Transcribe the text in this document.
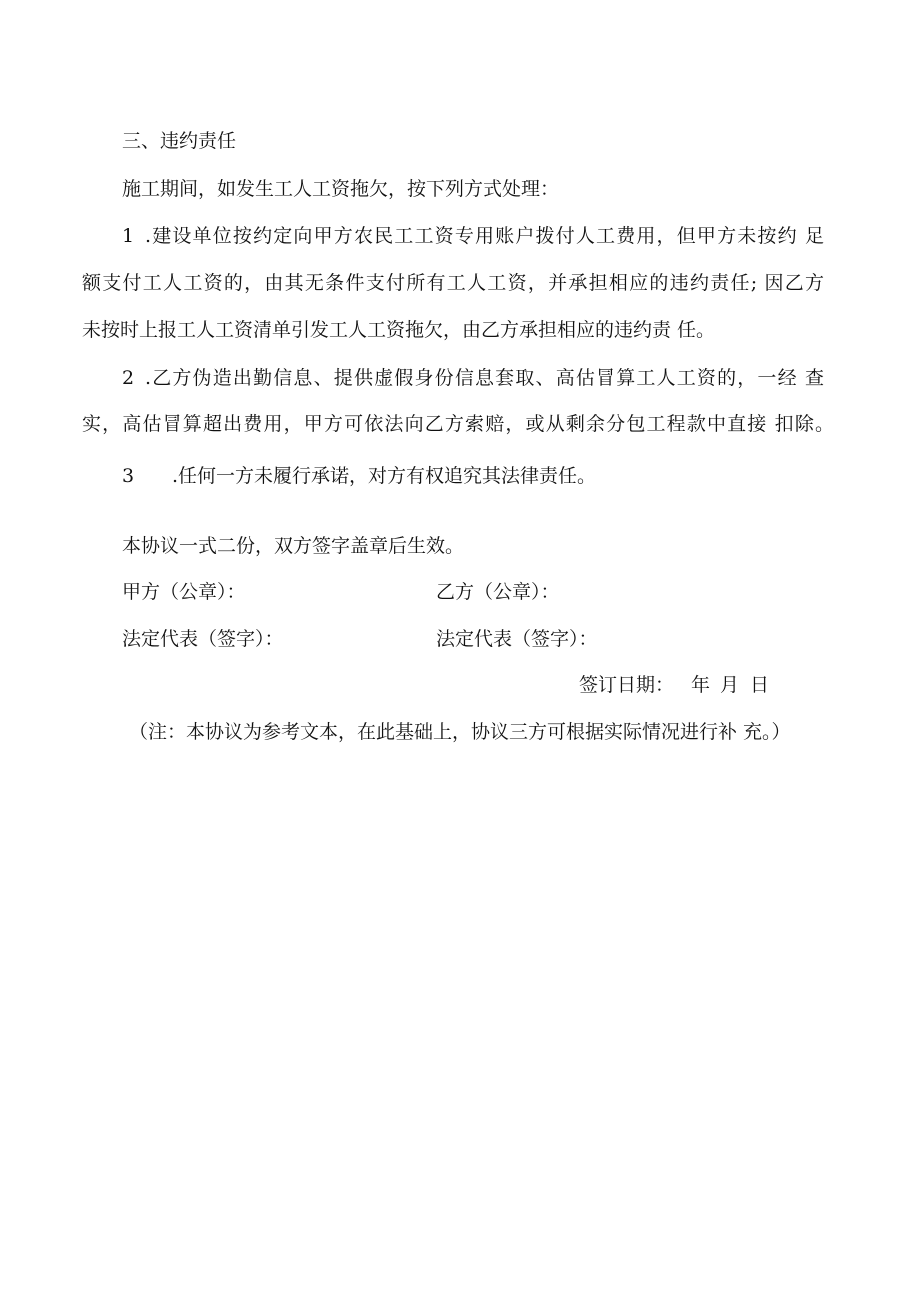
三、违约责任
施工期间，如发生工人工资拖欠，按下列方式处理：
1 .建设单位按约定向甲方农民工工资专用账户拨付人工费用，但甲方未按约 足
额支付工人工资的，由其无条件支付所有工人工资，并承担相应的违约责任; 因乙方
未按时上报工人工资清单引发工人工资拖欠，由乙方承担相应的违约责 任。
2 .乙方伪造出勤信息、提供虚假身份信息套取、高估冒算工人工资的，一经 查
实，高估冒算超出费用，甲方可依法向乙方索赔，或从剩余分包工程款中直接 扣除。
3 .任何一方未履行承诺，对方有权追究其法律责任。
本协议一式二份，双方签字盖章后生效。
甲方（公章）：	乙方（公章）：
法定代表（签字）：	法定代表（签字）：
签订日期： 年 月 日
（注：本协议为参考文本，在此基础上，协议三方可根据实际情况进行补 充。）
